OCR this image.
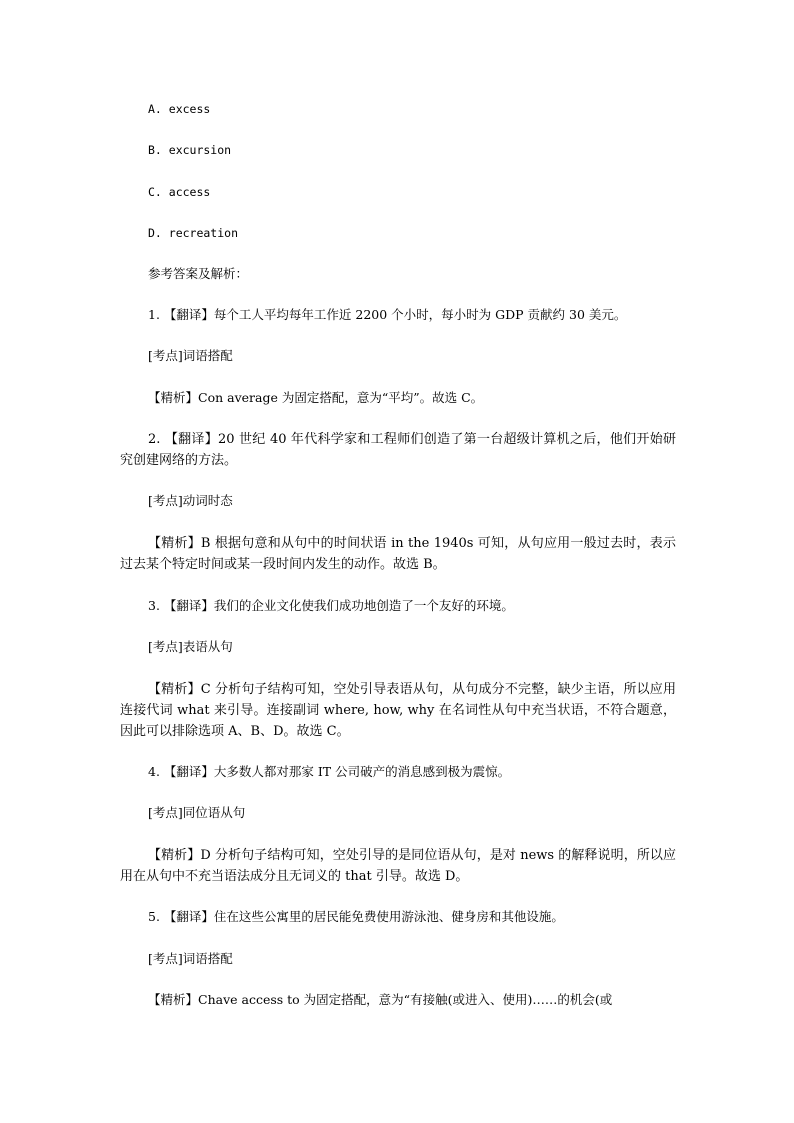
A. excess
B. excursion
C. access
D. recreation
参考答案及解析：
1. 【翻译】每个工人平均每年工作近 2200 个小时，每小时为 GDP 贡献约 30 美元。
[考点]词语搭配
【精析】Con average 为固定搭配，意为“平均”。故选 C。
2. 【翻译】20 世纪 40 年代科学家和工程师们创造了第一台超级计算机之后，他们开始研究创建网络的方法。
[考点]动词时态
【精析】B 根据句意和从句中的时间状语 in the 1940s 可知，从句应用一般过去时，表示过去某个特定时间或某一段时间内发生的动作。故选 B。
3. 【翻译】我们的企业文化使我们成功地创造了一个友好的环境。
[考点]表语从句
【精析】C 分析句子结构可知，空处引导表语从句，从句成分不完整，缺少主语，所以应用连接代词 what 来引导。连接副词 where, how, why 在名词性从句中充当状语，不符合题意，因此可以排除选项 A、B、D。故选 C。
4. 【翻译】大多数人都对那家 IT 公司破产的消息感到极为震惊。
[考点]同位语从句
【精析】D 分析句子结构可知，空处引导的是同位语从句，是对 news 的解释说明，所以应用在从句中不充当语法成分且无词义的 that 引导。故选 D。
5. 【翻译】住在这些公寓里的居民能免费使用游泳池、健身房和其他设施。
[考点]词语搭配
【精析】Chave access to 为固定搭配，意为“有接触(或进入、使用)……的机会(或
